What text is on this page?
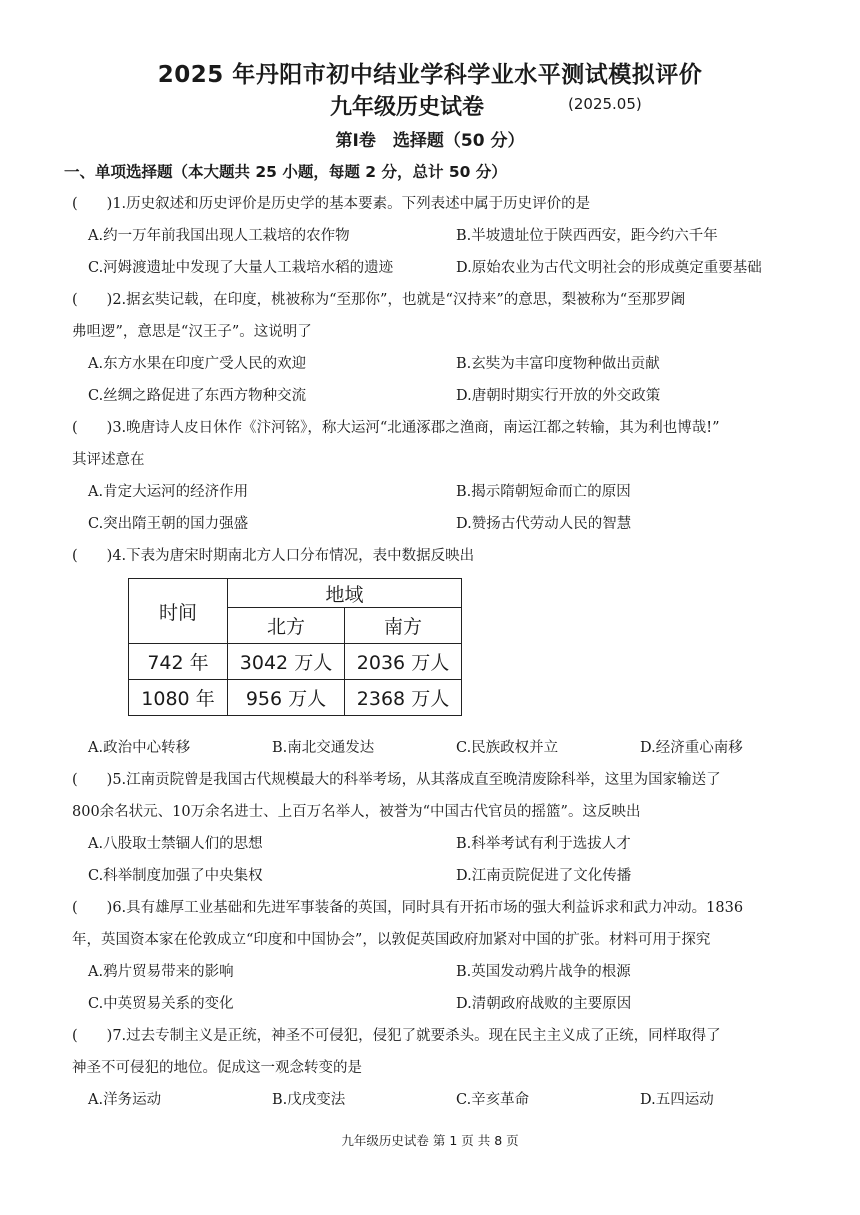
2025 年丹阳市初中结业学科学业水平测试模拟评价
九年级历史试卷	(2025.05)
第Ⅰ卷　选择题（50 分）
一、单项选择题（本大题共 25 小题，每题 2 分，总计 50 分）
(　　)1.历史叙述和历史评价是历史学的基本要素。下列表述中属于历史评价的是
A.约一万年前我国出现人工栽培的农作物	B.半坡遗址位于陕西西安，距今约六千年
C.河姆渡遗址中发现了大量人工栽培水稻的遗迹	D.原始农业为古代文明社会的形成奠定重要基础
(　　)2.据玄奘记载，在印度，桃被称为“至那你”，也就是“汉持来”的意思，梨被称为“至那罗阇
弗呾逻”，意思是“汉王子”。这说明了
A.东方水果在印度广受人民的欢迎	B.玄奘为丰富印度物种做出贡献
C.丝绸之路促进了东西方物种交流	D.唐朝时期实行开放的外交政策
(　　)3.晚唐诗人皮日休作《汴河铭》，称大运河“北通涿郡之渔商，南运江都之转输，其为利也博哉!”
其评述意在
A.肯定大运河的经济作用	B.揭示隋朝短命而亡的原因
C.突出隋王朝的国力强盛	D.赞扬古代劳动人民的智慧
(　　)4.下表为唐宋时期南北方人口分布情况，表中数据反映出
时间	地域	
	北方	南方
742 年	3042 万人	2036 万人
1080 年	956 万人	2368 万人
A.政治中心转移	B.南北交通发达	C.民族政权并立	D.经济重心南移
(　　)5.江南贡院曾是我国古代规模最大的科举考场，从其落成直至晚清废除科举，这里为国家输送了
800余名状元、10万余名进士、上百万名举人，被誉为“中国古代官员的摇篮”。这反映出
A.八股取士禁锢人们的思想	B.科举考试有利于选拔人才
C.科举制度加强了中央集权	D.江南贡院促进了文化传播
(　　)6.具有雄厚工业基础和先进军事装备的英国，同时具有开拓市场的强大利益诉求和武力冲动。1836
年，英国资本家在伦敦成立“印度和中国协会”，以敦促英国政府加紧对中国的扩张。材料可用于探究
A.鸦片贸易带来的影响	B.英国发动鸦片战争的根源
C.中英贸易关系的变化	D.清朝政府战败的主要原因
(　　)7.过去专制主义是正统，神圣不可侵犯，侵犯了就要杀头。现在民主主义成了正统，同样取得了
神圣不可侵犯的地位。促成这一观念转变的是
A.洋务运动	B.戊戌变法	C.辛亥革命	D.五四运动
九年级历史试卷 第 1 页 共 8 页
